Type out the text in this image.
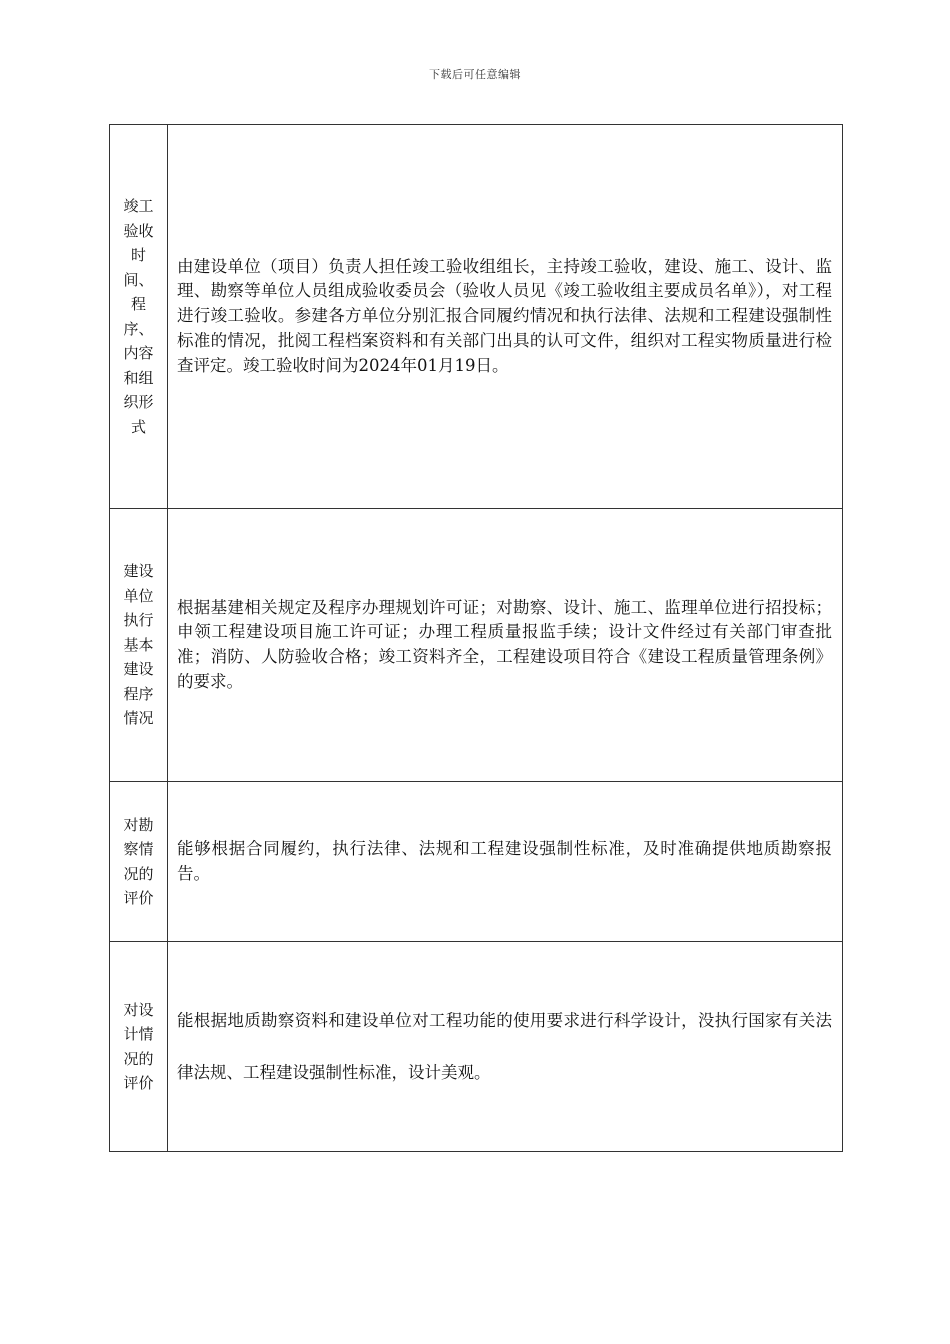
下载后可任意编辑
竣工验收时间、程序、内容和组织形式	由建设单位（项目）负责人担任竣工验收组组长，主持竣工验收，建设、施工、设计、监理、勘察等单位人员组成验收委员会（验收人员见《竣工验收组主要成员名单》），对工程进行竣工验收。参建各方单位分别汇报合同履约情况和执行法律、法规和工程建设强制性标准的情况，批阅工程档案资料和有关部门出具的认可文件，组织对工程实物质量进行检查评定。竣工验收时间为2024年01月19日。

建设单位执行基本建设程序情况	根据基建相关规定及程序办理规划许可证；对勘察、设计、施工、监理单位进行招投标；申领工程建设项目施工许可证；办理工程质量报监手续；设计文件经过有关部门审查批准；消防、人防验收合格；竣工资料齐全，工程建设项目符合《建设工程质量管理条例》的要求。

对勘察情况的评价	能够根据合同履约，执行法律、法规和工程建设强制性标准，及时准确提供地质勘察报告。

对设计情况的评价	能根据地质勘察资料和建设单位对工程功能的使用要求进行科学设计，没执行国家有关法律法规、工程建设强制性标准，设计美观。
